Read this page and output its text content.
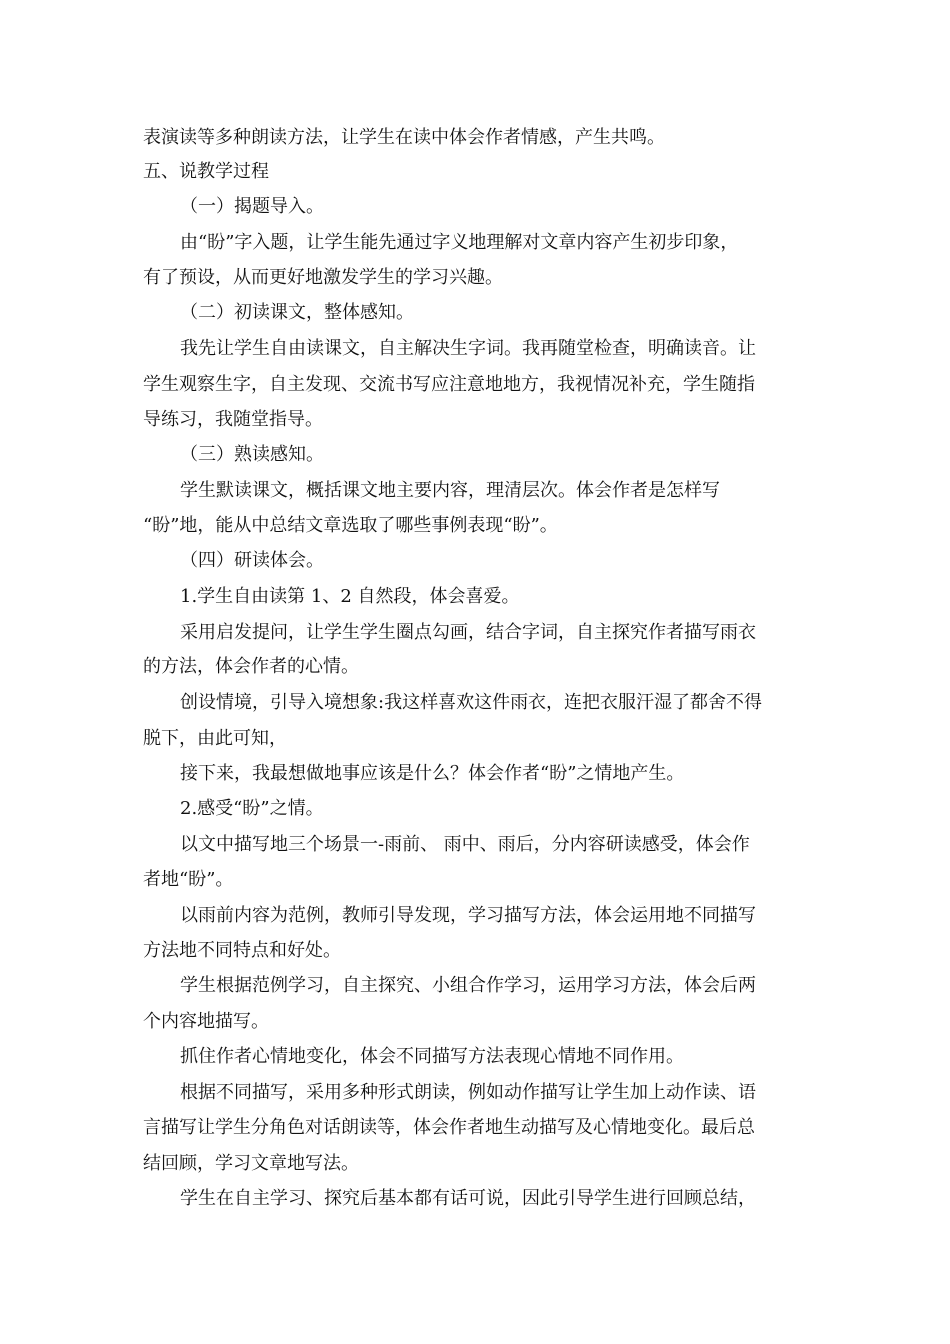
表演读等多种朗读方法，让学生在读中体会作者情感，产生共鸣。
五、说教学过程
（一）揭题导入。
由“盼”字入题，让学生能先通过字义地理解对文章内容产生初步印象，
有了预设，从而更好地激发学生的学习兴趣。
（二）初读课文，整体感知。
我先让学生自由读课文，自主解决生字词。我再随堂检查，明确读音。让
学生观察生字，自主发现、交流书写应注意地地方，我视情况补充，学生随指
导练习，我随堂指导。
（三）熟读感知。
学生默读课文，概括课文地主要内容，理清层次。体会作者是怎样写
“盼”地，能从中总结文章选取了哪些事例表现“盼”。
（四）研读体会。
1.学生自由读第 1、2 自然段，体会喜爱。
采用启发提问，让学生学生圈点勾画，结合字词，自主探究作者描写雨衣
的方法，体会作者的心情。
创设情境，引导入境想象:我这样喜欢这件雨衣，连把衣服汗湿了都舍不得
脱下，由此可知，
接下来，我最想做地事应该是什么？体会作者“盼”之情地产生。
2.感受“盼”之情。
以文中描写地三个场景一-雨前、 雨中、雨后，分内容研读感受，体会作
者地“盼”。
以雨前内容为范例，教师引导发现，学习描写方法，体会运用地不同描写
方法地不同特点和好处。
学生根据范例学习，自主探究、小组合作学习，运用学习方法，体会后两
个内容地描写。
抓住作者心情地变化，体会不同描写方法表现心情地不同作用。
根据不同描写，采用多种形式朗读，例如动作描写让学生加上动作读、语
言描写让学生分角色对话朗读等，体会作者地生动描写及心情地变化。最后总
结回顾，学习文章地写法。
学生在自主学习、探究后基本都有话可说，因此引导学生进行回顾总结，
